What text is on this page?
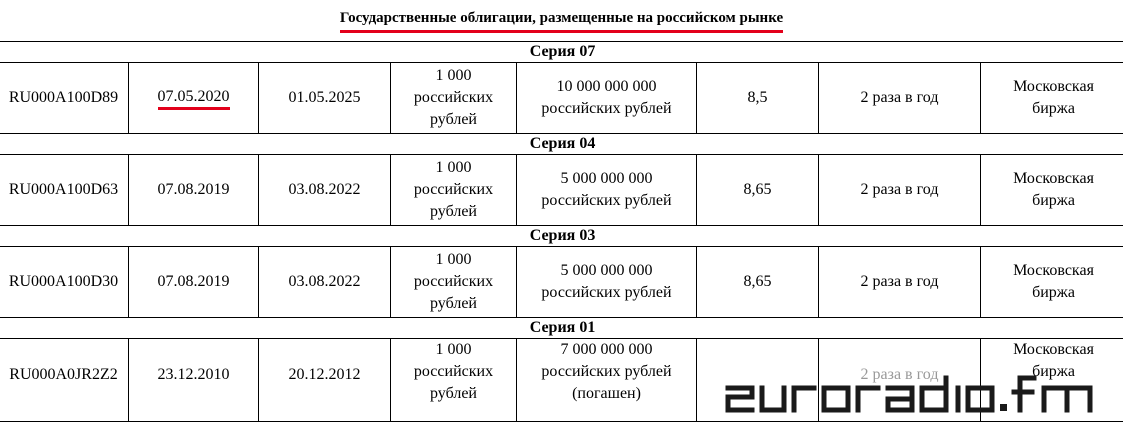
Государственные облигации, размещенные на российском рынке
Серия 07							
RU000A100D89	07.05.2020	01.05.2025	1 000
российских
рублей	10 000 000 000
российских рублей	8,5	2 раза в год	Московская
биржа
Серия 04							
RU000A100D63	07.08.2019	03.08.2022	1 000
российских
рублей	5 000 000 000
российских рублей	8,65	2 раза в год	Московская
биржа
Серия 03							
RU000A100D30	07.08.2019	03.08.2022	1 000
российских
рублей	5 000 000 000
российских рублей	8,65	2 раза в год	Московская
биржа
Серия 01							
RU000A0JR2Z2	23.12.2010	20.12.2012	1 000
российских
рублей	7 000 000 000
российских рублей
(погашен)		2 раза в год	Московская
биржа
